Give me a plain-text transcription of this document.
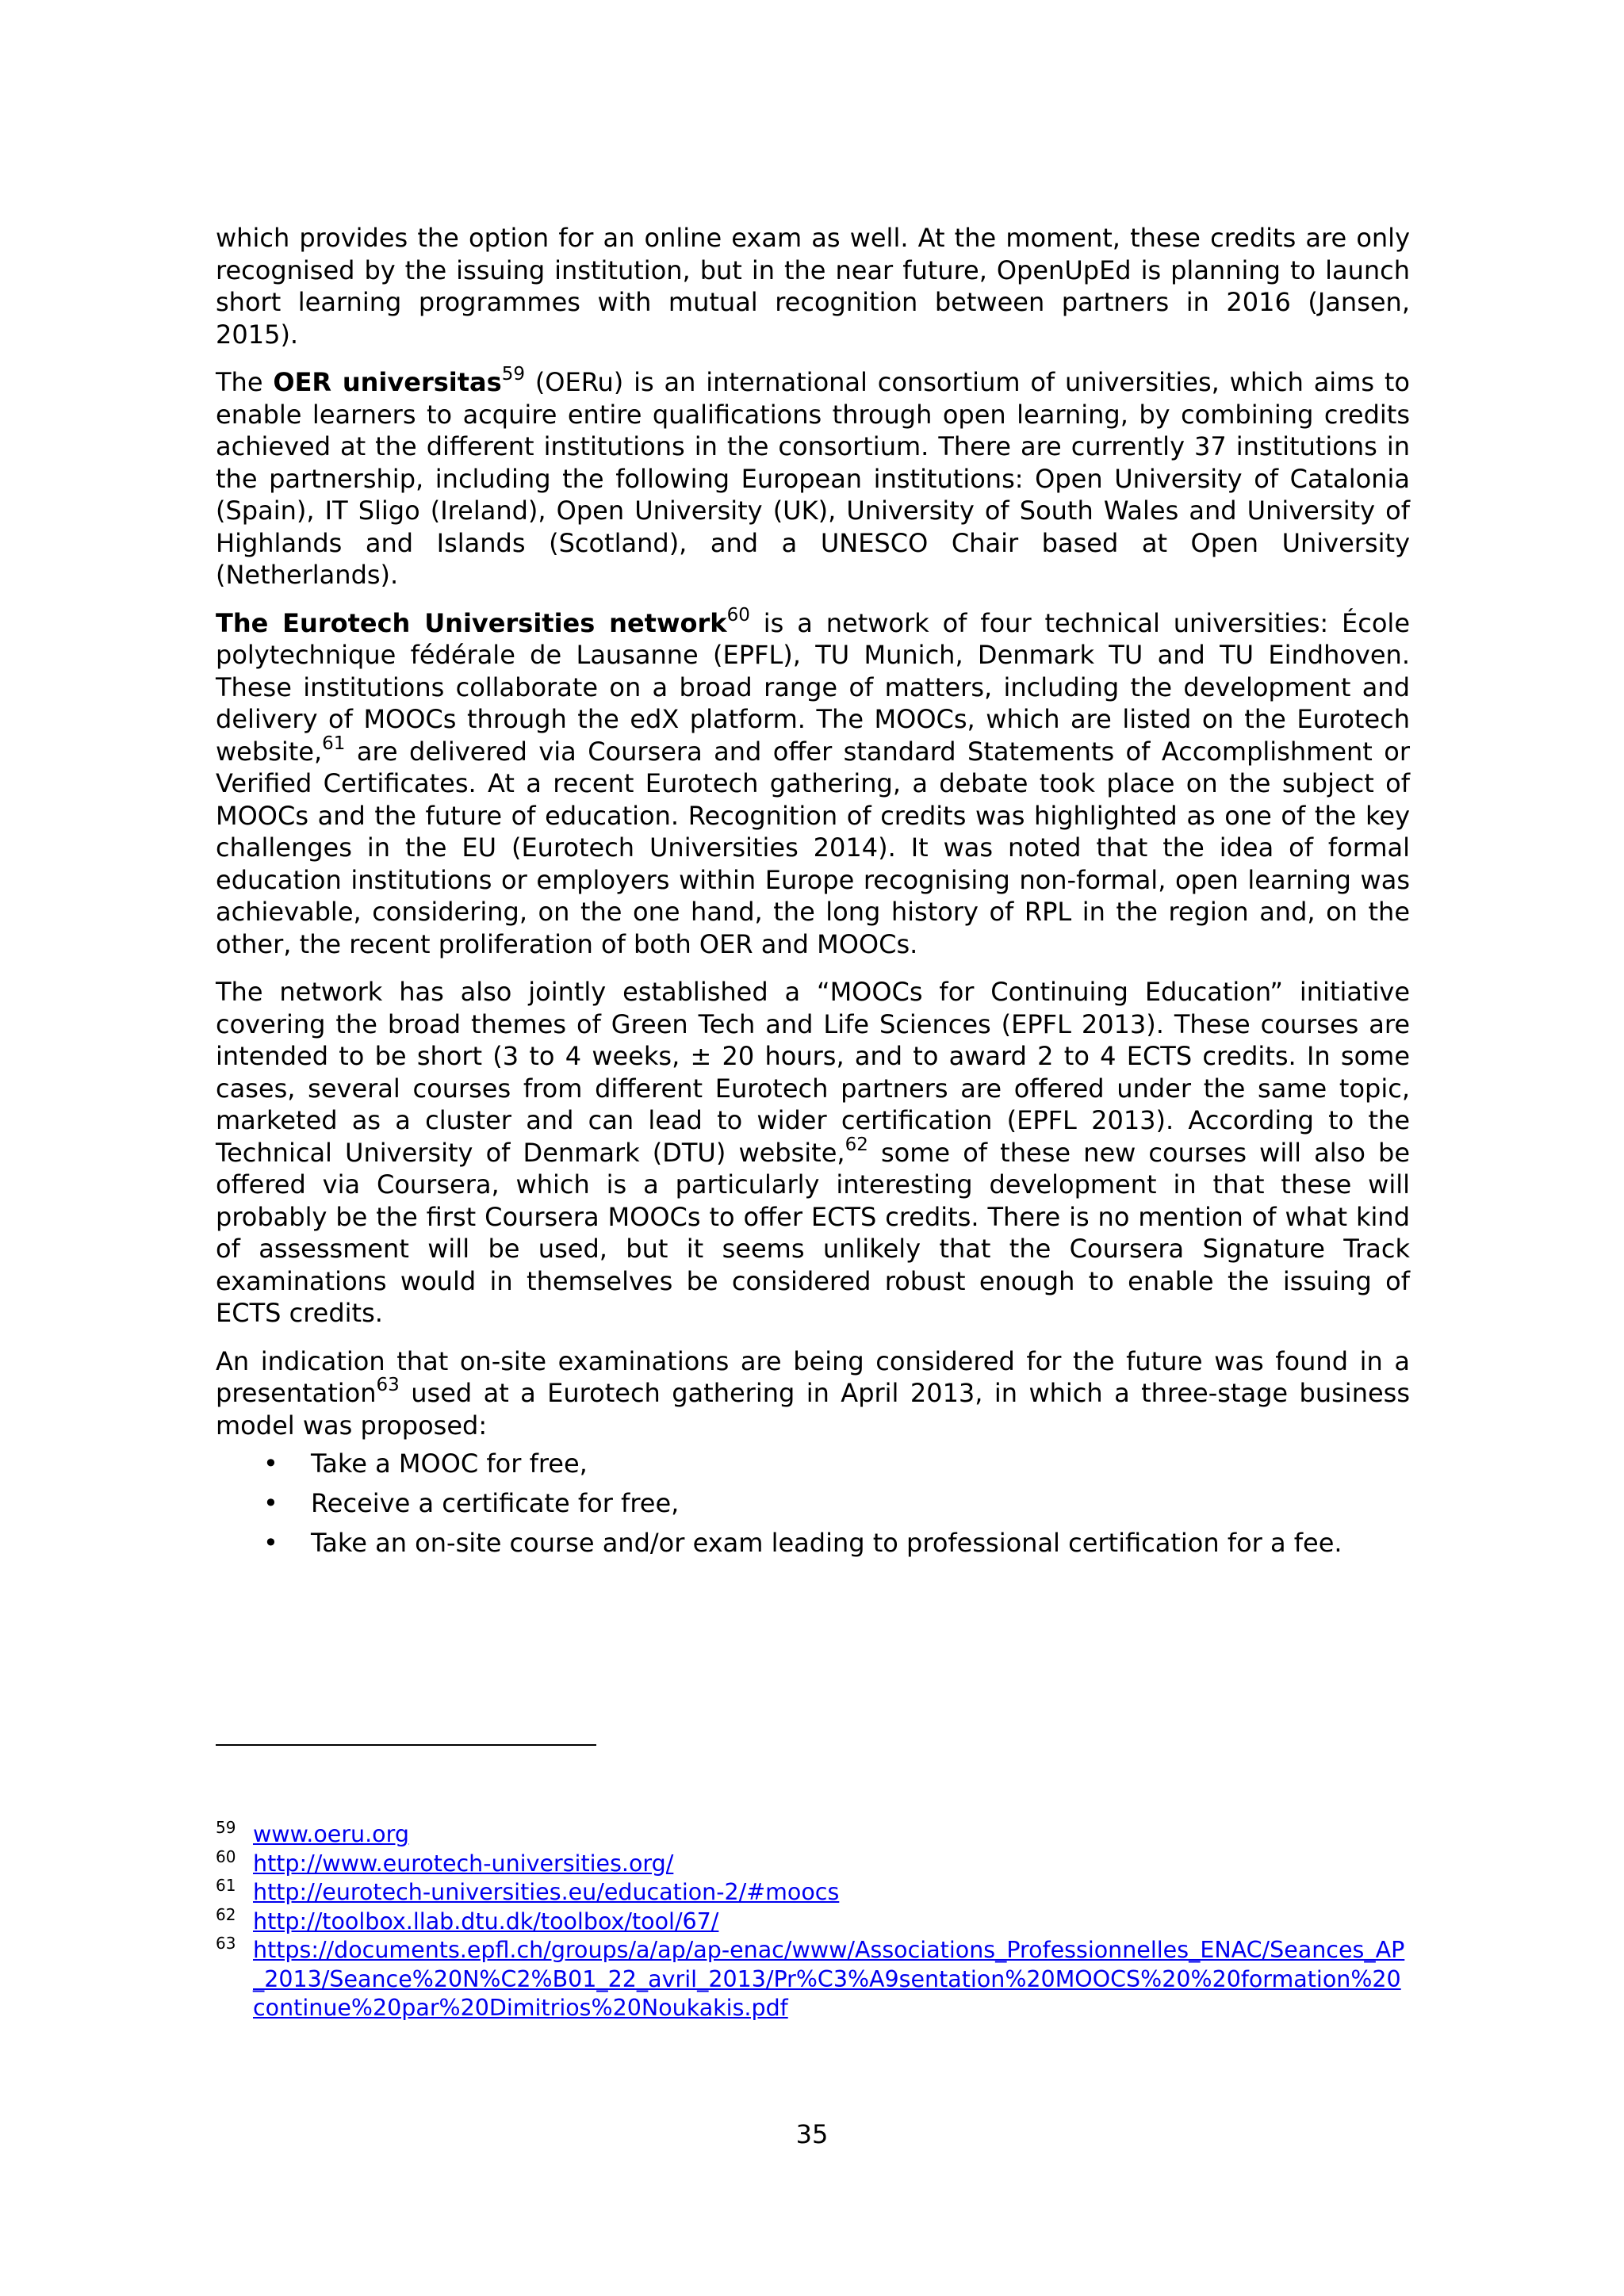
which provides the option for an online exam as well. At the moment, these credits are only recognised by the issuing institution, but in the near future, OpenUpEd is planning to launch short learning programmes with mutual recognition between partners in 2016 (Jansen, 2015).

The OER universitas$^{59}$ (OERu) is an international consortium of universities, which aims to enable learners to acquire entire qualifications through open learning, by combining credits achieved at the different institutions in the consortium. There are currently 37 institutions in the partnership, including the following European institutions: Open University of Catalonia (Spain), IT Sligo (Ireland), Open University (UK), University of South Wales and University of Highlands and Islands (Scotland), and a UNESCO Chair based at Open University (Netherlands).

The Eurotech Universities network$^{60}$ is a network of four technical universities: École polytechnique fédérale de Lausanne (EPFL), TU Munich, Denmark TU and TU Eindhoven. These institutions collaborate on a broad range of matters, including the development and delivery of MOOCs through the edX platform. The MOOCs, which are listed on the Eurotech website,$^{61}$ are delivered via Coursera and offer standard Statements of Accomplishment or Verified Certificates. At a recent Eurotech gathering, a debate took place on the subject of MOOCs and the future of education. Recognition of credits was highlighted as one of the key challenges in the EU (Eurotech Universities 2014). It was noted that the idea of formal education institutions or employers within Europe recognising non-formal, open learning was achievable, considering, on the one hand, the long history of RPL in the region and, on the other, the recent proliferation of both OER and MOOCs.

The network has also jointly established a “MOOCs for Continuing Education” initiative covering the broad themes of Green Tech and Life Sciences (EPFL 2013). These courses are intended to be short (3 to 4 weeks, ± 20 hours, and to award 2 to 4 ECTS credits. In some cases, several courses from different Eurotech partners are offered under the same topic, marketed as a cluster and can lead to wider certification (EPFL 2013). According to the Technical University of Denmark (DTU) website,$^{62}$ some of these new courses will also be offered via Coursera, which is a particularly interesting development in that these will probably be the first Coursera MOOCs to offer ECTS credits. There is no mention of what kind of assessment will be used, but it seems unlikely that the Coursera Signature Track examinations would in themselves be considered robust enough to enable the issuing of ECTS credits.

An indication that on-site examinations are being considered for the future was found in a presentation$^{63}$ used at a Eurotech gathering in April 2013, in which a three-stage business model was proposed:

• Take a MOOC for free,
• Receive a certificate for free,
• Take an on-site course and/or exam leading to professional certification for a fee.

59 www.oeru.org

60 http://www.eurotech-universities.org/

61 http://eurotech-universities.eu/education-2/#moocs

62 http://toolbox.llab.dtu.dk/toolbox/tool/67/

63 https://documents.epfl.ch/groups/a/ap/ap-enac/www/Associations_Professionnelles_ENAC/Seances_AP_2013/Seance%20N%C2%B01_22_avril_2013/Pr%C3%A9sentation%20MOOCS%20%20formation%20continue%20par%20Dimitrios%20Noukakis.pdf

35
